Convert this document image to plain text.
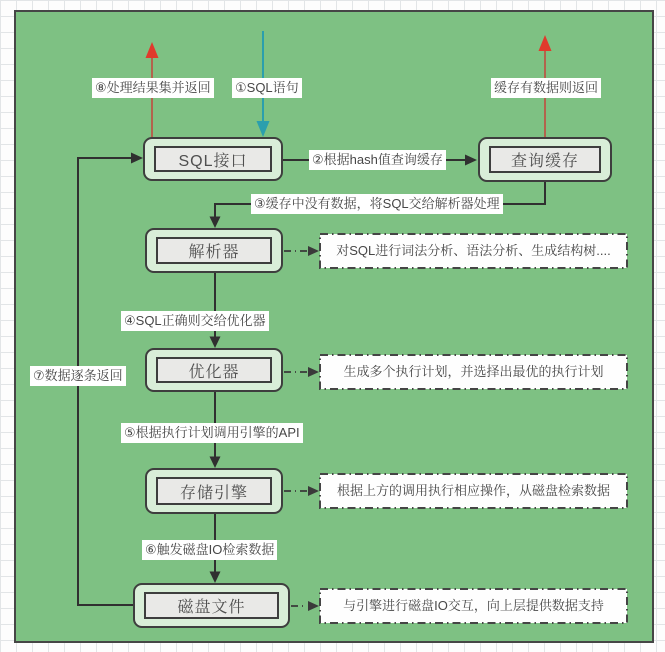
SQL接口	查询缓存
解析器
优化器
存储引擎
磁盘文件
⑧处理结果集并返回 ①SQL语句	缓存有数据则返回
②根据hash值查询缓存
③缓存中没有数据，将SQL交给解析器处理
④SQL正确则交给优化器
⑦数据逐条返回
⑤根据执行计划调用引擎的API
⑥触发磁盘IO检索数据
对SQL进行词法分析、语法分析、生成结构树....
生成多个执行计划，并选择出最优的执行计划
根据上方的调用执行相应操作，从磁盘检索数据
与引擎进行磁盘IO交互，向上层提供数据支持
